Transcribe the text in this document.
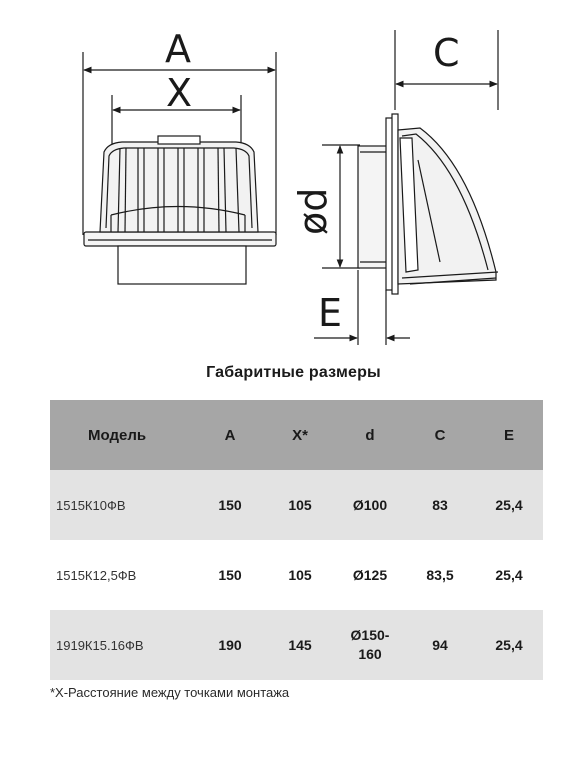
A
X
C
ød
E
Габаритные размеры
Модель	A	X*	d	C	E
1515К10ФВ	150	105	Ø100	83	25,4
1515К12,5ФВ	150	105	Ø125	83,5	25,4
1919К15.16ФВ	190	145	Ø150-160	94	25,4
*Х-Расстояние между точками монтажа
